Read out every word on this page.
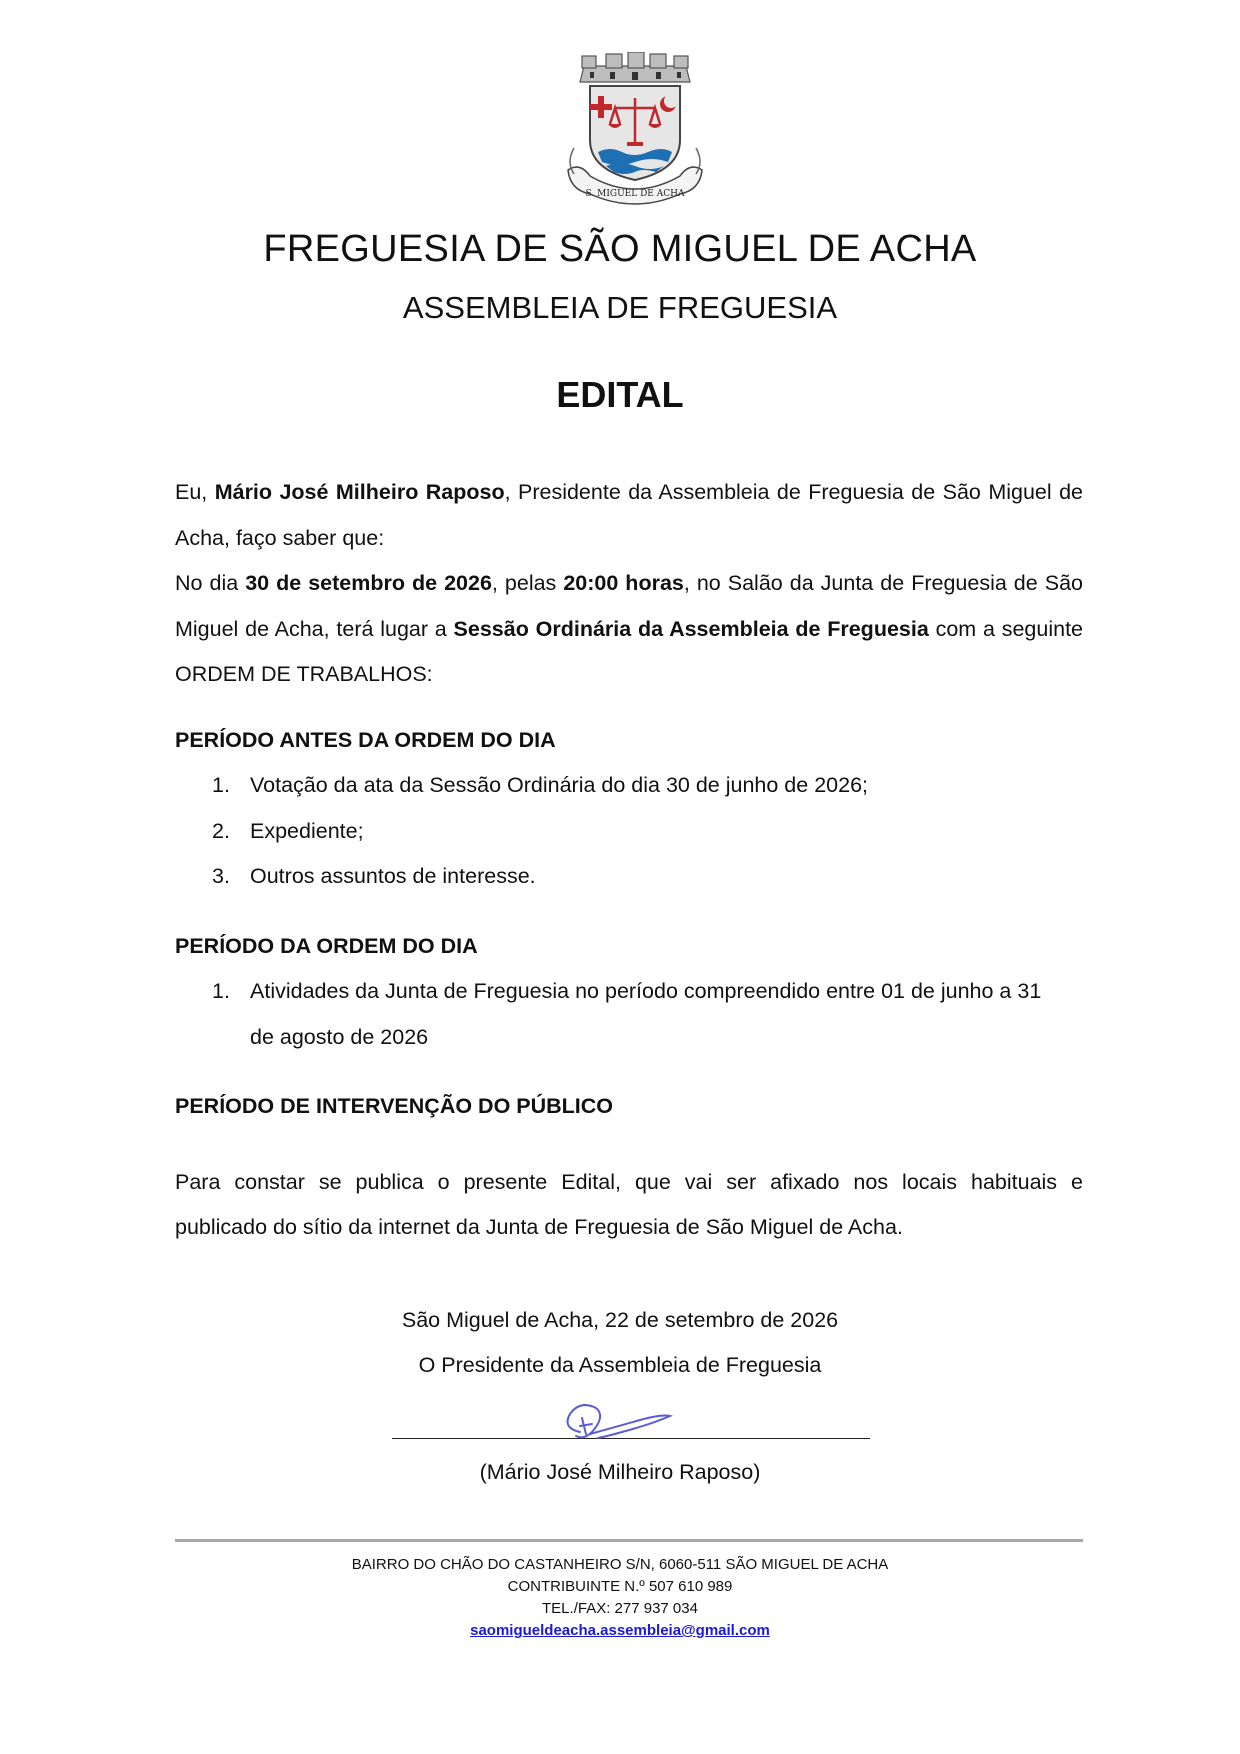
S. MIGUEL DE ACHA
FREGUESIA DE SÃO MIGUEL DE ACHA
ASSEMBLEIA DE FREGUESIA
EDITAL

Eu, Mário José Milheiro Raposo, Presidente da Assembleia de Freguesia de São Miguel de

Acha, faço saber que:

No dia 30 de setembro de 2026, pelas 20:00 horas, no Salão da Junta de Freguesia de São

Miguel de Acha, terá lugar a Sessão Ordinária da Assembleia de Freguesia com a seguinte

ORDEM DE TRABALHOS:

PERÍODO ANTES DA ORDEM DO DIA

1. Votação da ata da Sessão Ordinária do dia 30 de junho de 2026;
2. Expediente;
3. Outros assuntos de interesse.

PERÍODO DA ORDEM DO DIA

1. Atividades da Junta de Freguesia no período compreendido entre 01 de junho a 31
de agosto de 2026

PERÍODO DE INTERVENÇÃO DO PÚBLICO

Para constar se publica o presente Edital, que vai ser afixado nos locais habituais e

publicado do sítio da internet da Junta de Freguesia de São Miguel de Acha.

São Miguel de Acha, 22 de setembro de 2026
O Presidente da Assembleia de Freguesia
(Mário José Milheiro Raposo)
BAIRRO DO CHÃO DO CASTANHEIRO S/N, 6060-511 SÃO MIGUEL DE ACHA
CONTRIBUINTE N.º 507 610 989
TEL./FAX: 277 937 034
saomigueldeacha.assembleia@gmail.com
